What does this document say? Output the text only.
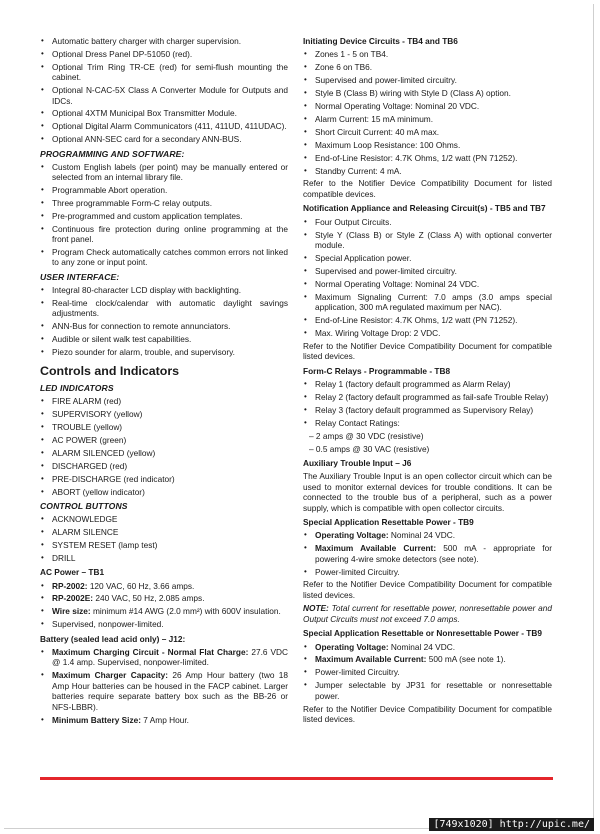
• Automatic battery charger with charger supervision.
• Optional Dress Panel DP-51050 (red).
• Optional Trim Ring TR-CE (red) for semi-flush mounting the cabinet.
• Optional N-CAC-5X Class A Converter Module for Outputs and IDCs.
• Optional 4XTM Municipal Box Transmitter Module.
• Optional Digital Alarm Communicators (411, 411UD, 411UDAC).
• Optional ANN-SEC card for a secondary ANN-BUS.
PROGRAMMING AND SOFTWARE:
• Custom English labels (per point) may be manually entered or selected from an internal library file.
• Programmable Abort operation.
• Three programmable Form-C relay outputs.
• Pre-programmed and custom application templates.
• Continuous fire protection during online programming at the front panel.
• Program Check automatically catches common errors not linked to any zone or input point.
USER INTERFACE:
• Integral 80-character LCD display with backlighting.
• Real-time clock/calendar with automatic daylight savings adjustments.
• ANN-Bus for connection to remote annunciators.
• Audible or silent walk test capabilities.
• Piezo sounder for alarm, trouble, and supervisory.
Controls and Indicators
LED INDICATORS
• FIRE ALARM (red)
• SUPERVISORY (yellow)
• TROUBLE (yellow)
• AC POWER (green)
• ALARM SILENCED (yellow)
• DISCHARGED (red)
• PRE-DISCHARGE (red indicator)
• ABORT (yellow indicator)
CONTROL BUTTONS
• ACKNOWLEDGE
• ALARM SILENCE
• SYSTEM RESET (lamp test)
• DRILL
AC Power – TB1
• RP-2002: 120 VAC, 60 Hz, 3.66 amps.
• RP-2002E: 240 VAC, 50 Hz, 2.085 amps.
• Wire size: minimum #14 AWG (2.0 mm²) with 600V insulation.
• Supervised, nonpower-limited.
Battery (sealed lead acid only) – J12:
• Maximum Charging Circuit - Normal Flat Charge: 27.6 VDC @ 1.4 amp. Supervised, nonpower-limited.
• Maximum Charger Capacity: 26 Amp Hour battery (two 18 Amp Hour batteries can be housed in the FACP cabinet. Larger batteries require separate battery box such as the BB-26 or NFS-LBBR).
• Minimum Battery Size: 7 Amp Hour.
Initiating Device Circuits - TB4 and TB6
• Zones 1 - 5 on TB4.
• Zone 6 on TB6.
• Supervised and power-limited circuitry.
• Style B (Class B) wiring with Style D (Class A) option.
• Normal Operating Voltage: Nominal 20 VDC.
• Alarm Current: 15 mA minimum.
• Short Circuit Current: 40 mA max.
• Maximum Loop Resistance: 100 Ohms.
• End-of-Line Resistor: 4.7K Ohms, 1/2 watt (PN 71252).
• Standby Current: 4 mA.

Refer to the Notifier Device Compatibility Document for listed compatible devices.

Notification Appliance and Releasing Circuit(s) - TB5 and TB7
• Four Output Circuits.
• Style Y (Class B) or Style Z (Class A) with optional converter module.
• Special Application power.
• Supervised and power-limited circuitry.
• Normal Operating Voltage: Nominal 24 VDC.
• Maximum Signaling Current: 7.0 amps (3.0 amps special application, 300 mA regulated maximum per NAC).
• End-of-Line Resistor: 4.7K Ohms, 1/2 watt (PN 71252).
• Max. Wiring Voltage Drop: 2 VDC.

Refer to the Notifier Device Compatibility Document for compatible listed devices.

Form-C Relays - Programmable - TB8
• Relay 1 (factory default programmed as Alarm Relay)
• Relay 2 (factory default programmed as fail-safe Trouble Relay)
• Relay 3 (factory default programmed as Supervisory Relay)
• Relay Contact Ratings:
– 2 amps @ 30 VDC (resistive)
– 0.5 amps @ 30 VAC (resistive)
Auxiliary Trouble Input – J6

The Auxiliary Trouble Input is an open collector circuit which can be used to monitor external devices for trouble conditions. It can be connected to the trouble bus of a peripheral, such as a power supply, which is compatible with open collector circuits.

Special Application Resettable Power - TB9
• Operating Voltage: Nominal 24 VDC.
• Maximum Available Current: 500 mA - appropriate for powering 4-wire smoke detectors (see note).
• Power-limited Circuitry.

Refer to the Notifier Device Compatibility Document for compatible listed devices.

NOTE: Total current for resettable power, nonresettable power and Output Circuits must not exceed 7.0 amps.

Special Application Resettable or Nonresettable Power - TB9
• Operating Voltage: Nominal 24 VDC.
• Maximum Available Current: 500 mA (see note 1).
• Power-limited Circuitry.
• Jumper selectable by JP31 for resettable or nonresettable power.

Refer to the Notifier Device Compatibility Document for compatible listed devices.

[749x1020] http://upic.me/
